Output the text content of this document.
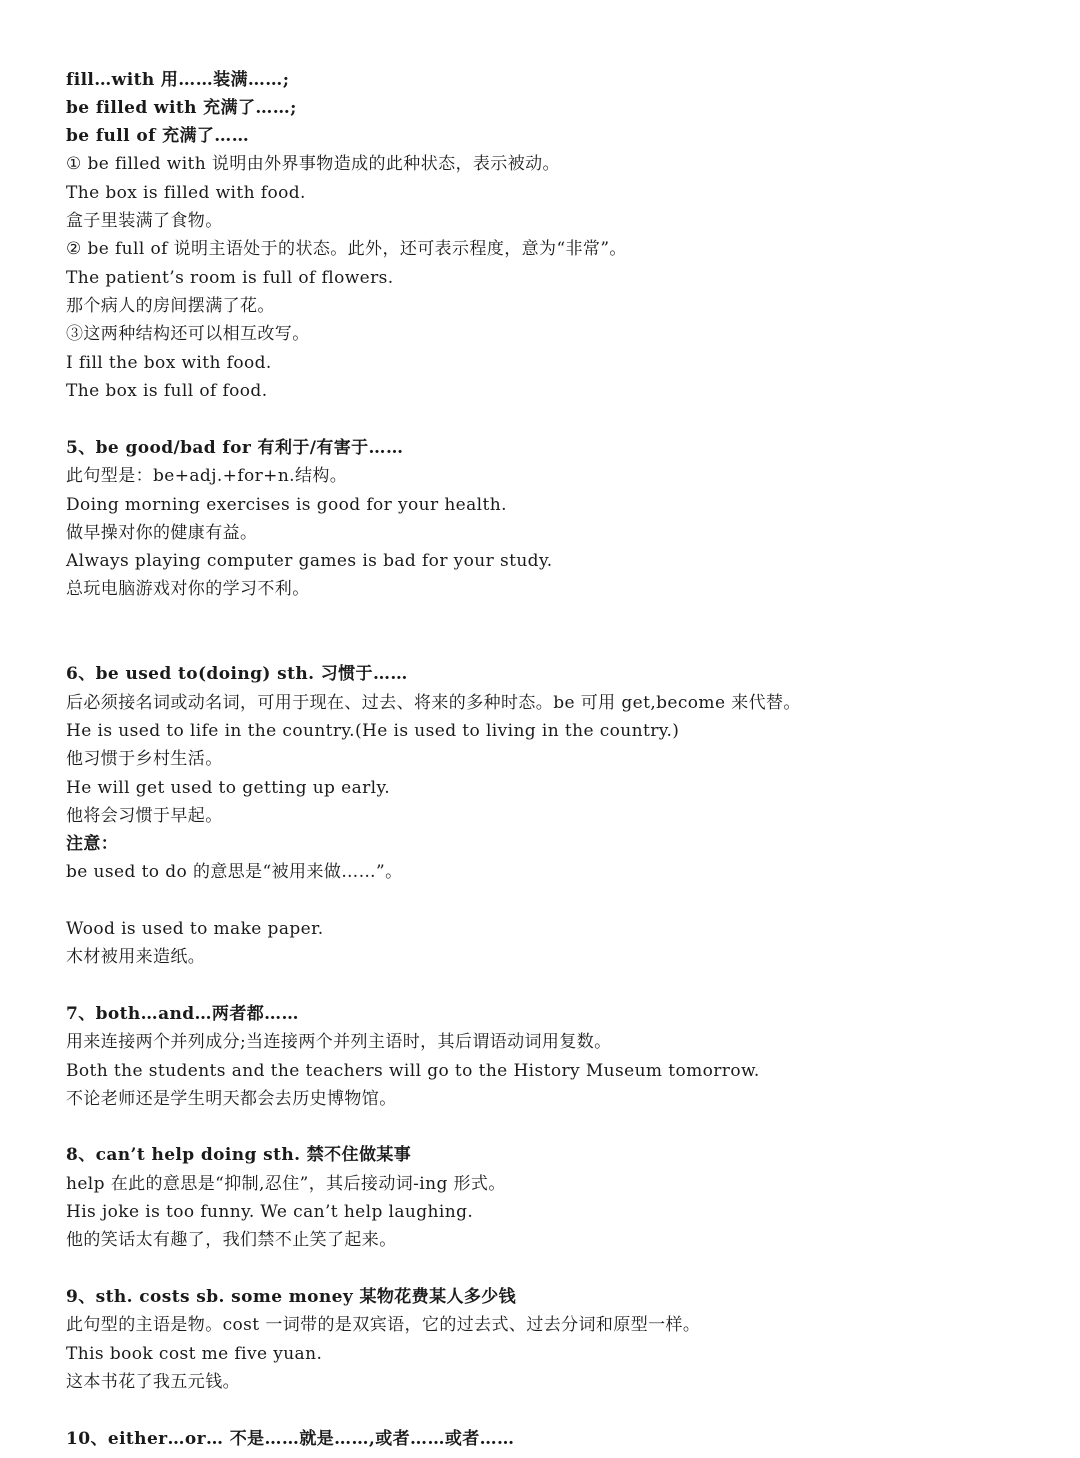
fill…with 用……装满……;
be filled with 充满了……;
be full of 充满了……
① be filled with 说明由外界事物造成的此种状态，表示被动。
The box is filled with food.
盒子里装满了食物。
② be full of 说明主语处于的状态。此外，还可表示程度，意为“非常”。
The patient’s room is full of flowers.
那个病人的房间摆满了花。
③这两种结构还可以相互改写。
I fill the box with food.
The box is full of food.
5、be good/bad for 有利于/有害于……
此句型是：be+adj.+for+n.结构。
Doing morning exercises is good for your health.
做早操对你的健康有益。
Always playing computer games is bad for your study.
总玩电脑游戏对你的学习不利。
6、be used to(doing) sth. 习惯于……
后必须接名词或动名词，可用于现在、过去、将来的多种时态。be 可用 get,become 来代替。
He is used to life in the country.(He is used to living in the country.)
他习惯于乡村生活。
He will get used to getting up early.
他将会习惯于早起。
注意：
be used to do 的意思是“被用来做……”。
Wood is used to make paper.
木材被用来造纸。
7、both…and…两者都……
用来连接两个并列成分;当连接两个并列主语时，其后谓语动词用复数。
Both the students and the teachers will go to the History Museum tomorrow.
不论老师还是学生明天都会去历史博物馆。
8、can’t help doing sth. 禁不住做某事
help 在此的意思是“抑制,忍住”，其后接动词-ing 形式。
His joke is too funny. We can’t help laughing.
他的笑话太有趣了，我们禁不止笑了起来。
9、sth. costs sb. some money 某物花费某人多少钱
此句型的主语是物。cost 一词带的是双宾语，它的过去式、过去分词和原型一样。
This book cost me five yuan.
这本书花了我五元钱。
10、either…or… 不是……就是……,或者……或者……
